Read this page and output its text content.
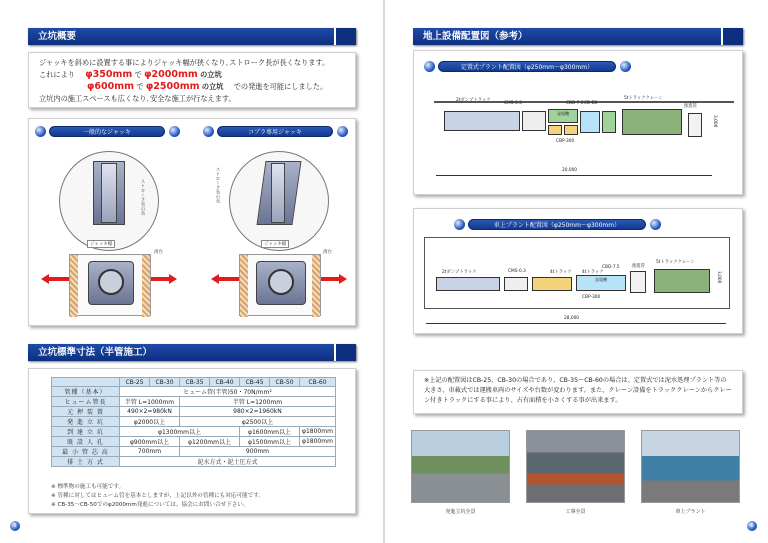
立坑概要
ジャッキを斜めに設置する事によりジャッキ幅が狭くなり､ストローク長が長くなります。
これにより φ350mm で φ2000mm の立坑
φ600mm で φ2500mm の立坑 での発進を可能にしました。
立坑内の施工スペースも広くなり､安全な施工が行なえます。
一般的なジャッキ
ジャッキ幅
ストローク長の長
滑台
コブラ専用ジャッキ
ジャッキ幅
ストローク長の長
滑台
立坑標準寸法（半管施工）
	CB-25	CB-30	CB-35	CB-40	CB-45	CB-50	CB-60
管種（基本）	ヒューム管(半管)50・70N/mm²						
ヒューム管長	半管 L=1000mm		半管 L=1200mm				
元 押 装 置	490×2=980kN		980×2=1960kN				
発 進 立 坑	φ2000以上		φ2500以上				
到 達 立 坑	φ1300mm以上				φ1600mm以上		φ1800mm
既 設 人 孔	φ900mm以上		φ1200mm以上		φ1500mm以上		φ1800mm
最 小 管 芯 高	700mm		900mm				
排 土 方 式	泥水方式・泥土圧方式						
※ 標準物の施工も可能です。
※ 管種に対してはヒューム管を基本としますが、上記以外の管種にも対応可能です。
※ CB-35～CB-50でのφ2000mm発進については、協会にお問い合せ下さい。
5
地上設備配置図（参考）
定置式プラント配置図（φ250mm～φ300mm）
2tダンプトラック
CMS-0.3	CBD-7.5 CB-EB
発電機
CBP-300
5tトラッククレーン
推進管
3,000
20,000
車上プラント配置図（φ250mm～φ300mm）
2tダンプトラック	CMS-0.3	4tトラック 4tトラック
CBD-7.5
発電機
推進管
CBP-300
5tトラッククレーン
3,000
28,000
※上記の配置図はCB-25，CB-30の場合であり、CB-35～CB-60の場合は、定置式では泥水処理プラント等の大きさ、車載式では運搬車両のサイズや台数が変わります。また、クレーン設備をトラッククレーンからクレーン付きトラックにする事により、占有面積を小さくする事が出来ます。
発進立坑全景	工事全景	車上プラント
6
